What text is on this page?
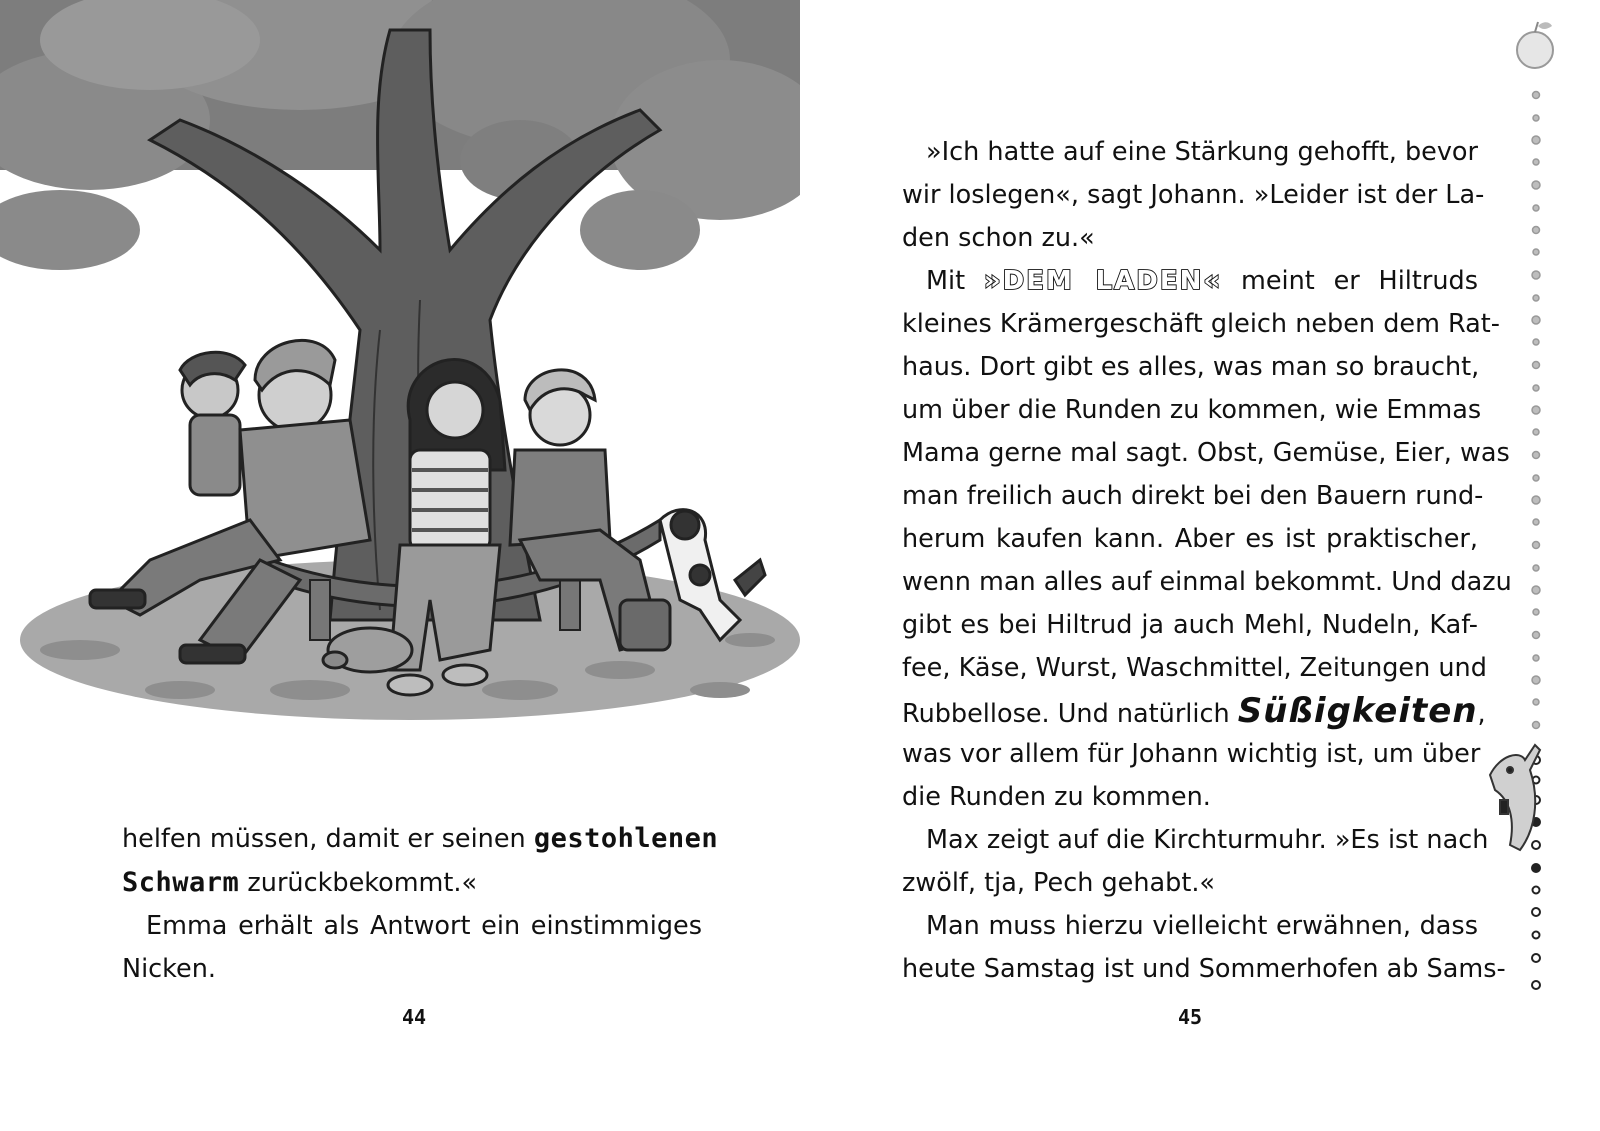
helfen müssen, damit er seinen gestohlenen
Schwarm zurückbekommt.«

Emma erhält als Antwort ein einstimmiges
Nicken.

44
»Ich hatte auf eine Stärkung gehofft, bevor
wir loslegen«, sagt Johann. »Leider ist der La-
den schon zu.«
Mit »DEM LADEN« meint er Hiltruds
kleines Krämergeschäft gleich neben dem Rat-
haus. Dort gibt es alles, was man so braucht,
um über die Runden zu kommen, wie Emmas
Mama gerne mal sagt. Obst, Gemüse, Eier, was
man freilich auch direkt bei den Bauern rund-
herum kaufen kann. Aber es ist praktischer,
wenn man alles auf einmal bekommt. Und dazu
gibt es bei Hiltrud ja auch Mehl, Nudeln, Kaf-
fee, Käse, Wurst, Waschmittel, Zeitungen und
Rubbellose. Und natürlich Süßigkeiten,
was vor allem für Johann wichtig ist, um über
die Runden zu kommen.
Max zeigt auf die Kirchturmuhr. »Es ist nach
zwölf, tja, Pech gehabt.«
Man muss hierzu vielleicht erwähnen, dass
heute Samstag ist und Sommerhofen ab Sams-
45
